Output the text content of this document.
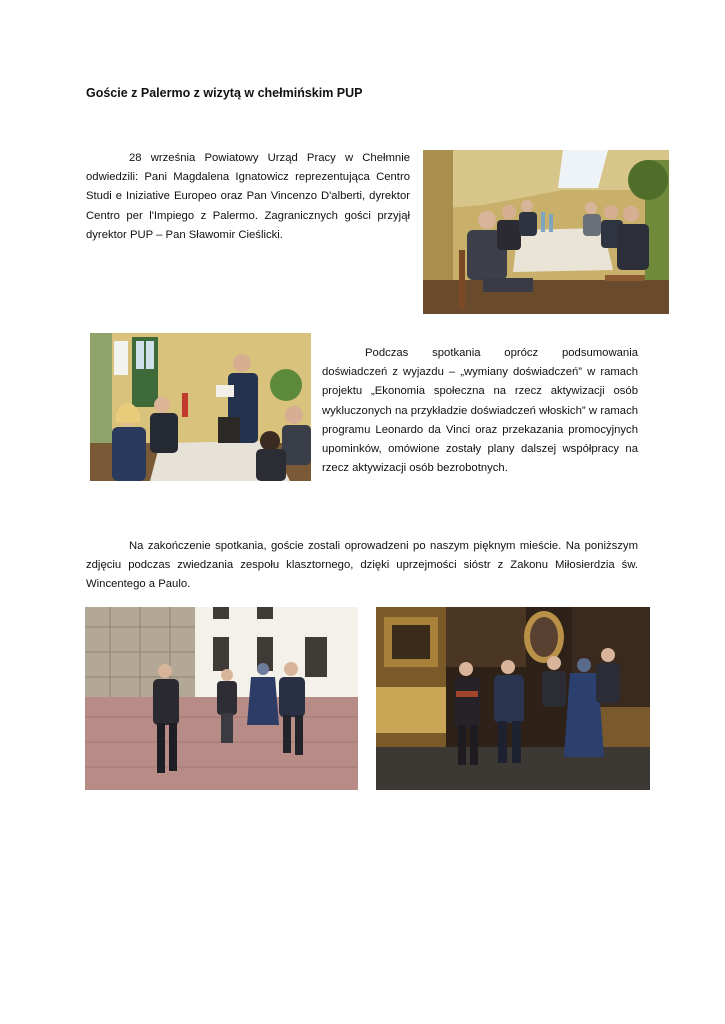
Goście z Palermo z wizytą w chełmińskim PUP

28 września Powiatowy Urząd Pracy w Chełmnie odwiedzili: Pani Magdalena Ignatowicz reprezentująca Centro Studi e Iniziative Europeo oraz Pan Vincenzo D'alberti, dyrektor Centro per l'Impiego z Palermo. Zagranicznych gości przyjął dyrektor PUP – Pan Sławomir Cieślicki.

Podczas spotkania oprócz podsumowania doświadczeń z wyjazdu – „wymiany doświadczeń” w ramach projektu „Ekonomia społeczna na rzecz aktywizacji osób wykluczonych na przykładzie doświadczeń włoskich” w ramach programu Leonardo da Vinci oraz przekazania promocyjnych upominków, omówione zostały plany dalszej współpracy na rzecz aktywizacji osób bezrobotnych.

Na zakończenie spotkania, goście zostali oprowadzeni po naszym pięknym mieście. Na poniższym zdjęciu podczas zwiedzania zespołu klasztornego, dzięki uprzejmości sióstr z Zakonu Miłosierdzia św. Wincentego a Paulo.
